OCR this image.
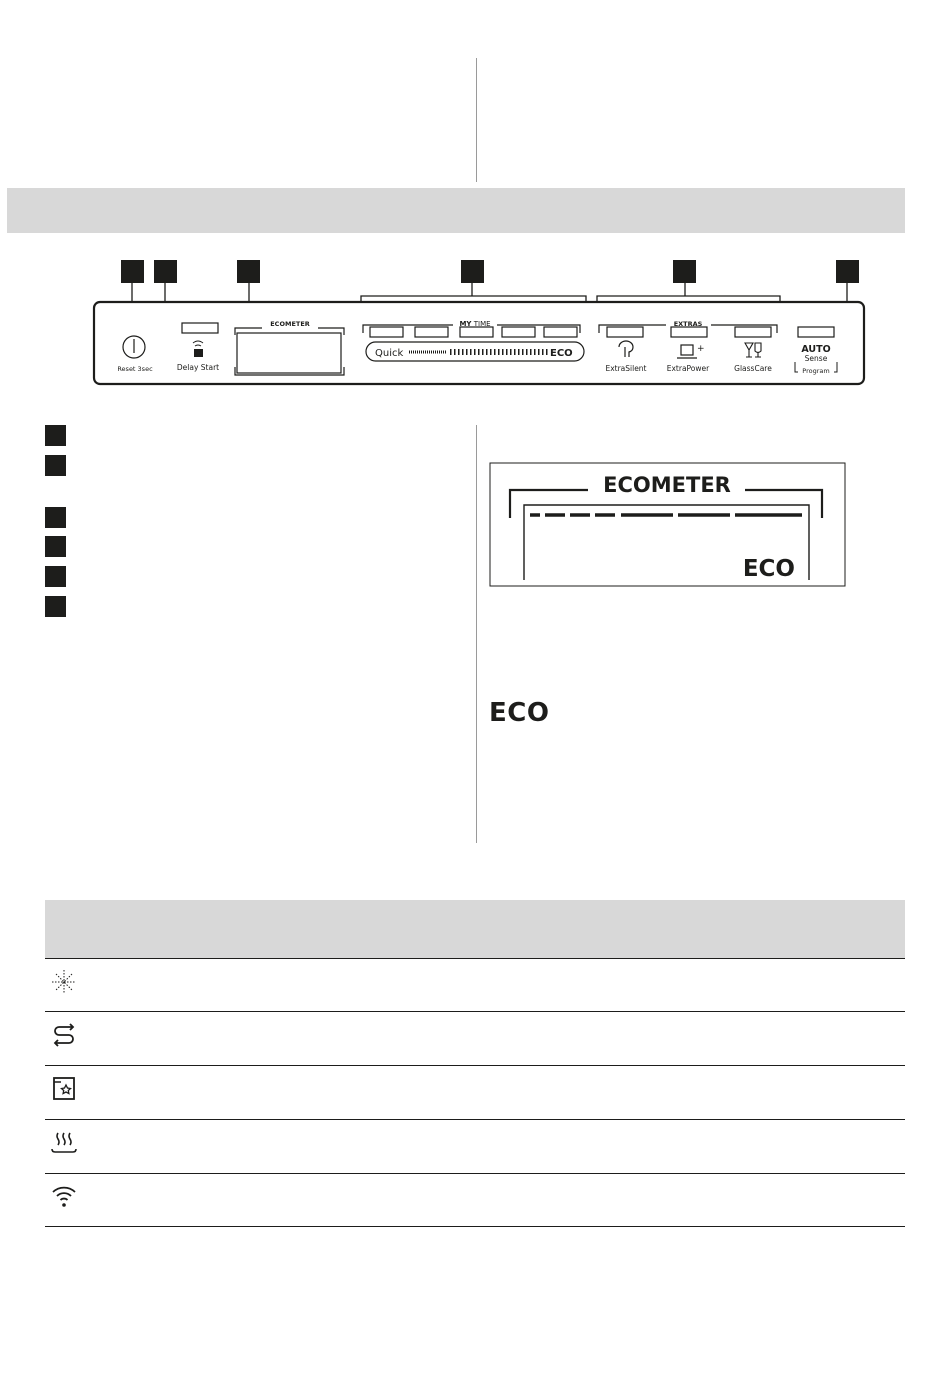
Reset 3sec	Delay Start
ECOMETER	MY TIME
Quick	ECO
EXTRAS
ExtraSilent
+
ExtraPower	GlassCare
AUTO
Sense
Program
ECOMETER
ECO
ECO
